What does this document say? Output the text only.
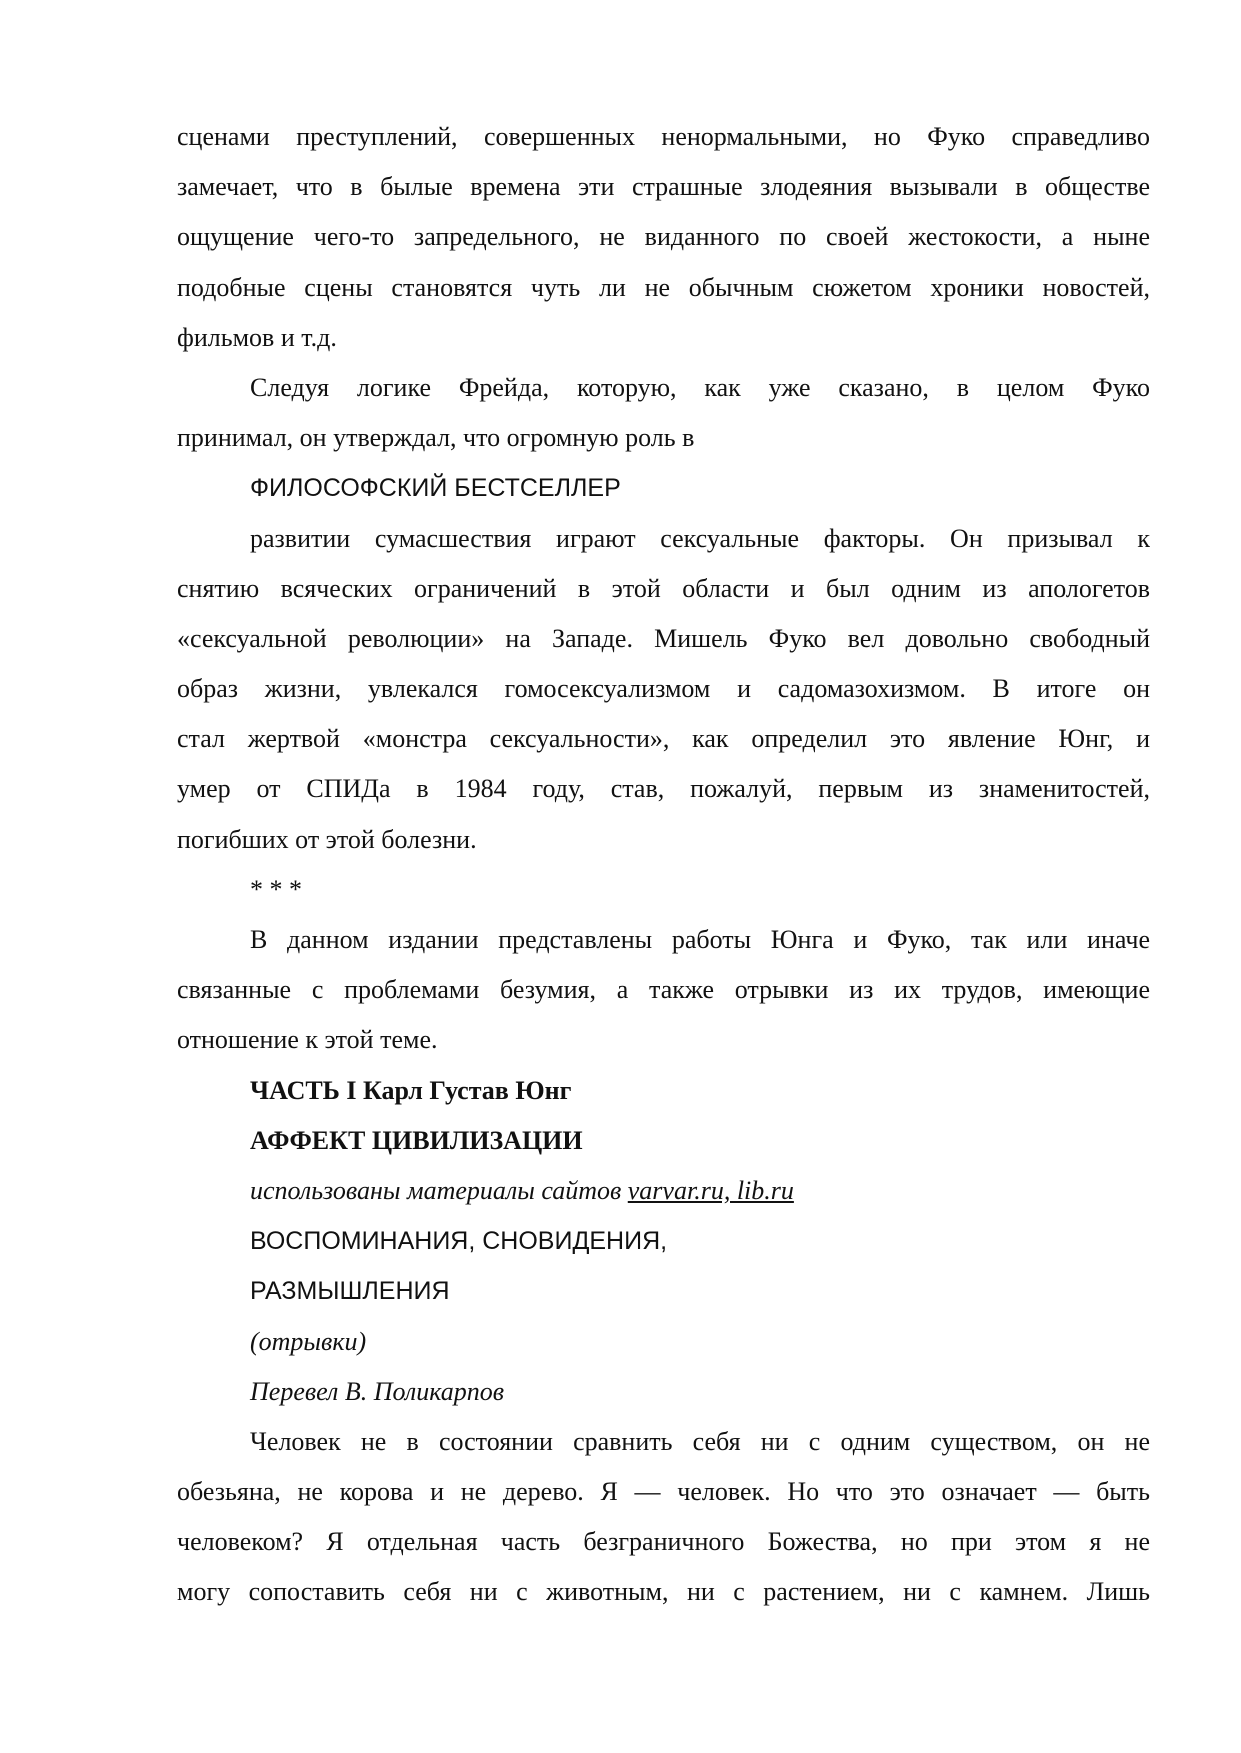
сценами преступлений, совершенных ненормальными, но Фуко справедливо
замечает, что в былые времена эти страшные злодеяния вызывали в обществе
ощущение чего-то запредельного, не виданного по своей жестокости, а ныне
подобные сцены становятся чуть ли не обычным сюжетом хроники новостей,
фильмов и т.д.
Следуя логике Фрейда, которую, как уже сказано, в целом Фуко
принимал, он утверждал, что огромную роль в
ФИЛОСОФСКИЙ БЕСТСЕЛЛЕР
развитии сумасшествия играют сексуальные факторы. Он призывал к
снятию всяческих ограничений в этой области и был одним из апологетов
«сексуальной революции» на Западе. Мишель Фуко вел довольно свободный
образ жизни, увлекался гомосексуализмом и садомазохизмом. В итоге он
стал жертвой «монстра сексуальности», как определил это явление Юнг, и
умер от СПИДа в 1984 году, став, пожалуй, первым из знаменитостей,
погибших от этой болезни.
* * *
В данном издании представлены работы Юнга и Фуко, так или иначе
связанные с проблемами безумия, а также отрывки из их трудов, имеющие
отношение к этой теме.
ЧАСТЬ I Карл Густав Юнг
АФФЕКТ ЦИВИЛИЗАЦИИ
использованы материалы сайтов varvar.ru, lib.ru
ВОСПОМИНАНИЯ, СНОВИДЕНИЯ,
РАЗМЫШЛЕНИЯ
(отрывки)
Перевел В. Поликарпов
Человек не в состоянии сравнить себя ни с одним существом, он не
обезьяна, не корова и не дерево. Я — человек. Но что это означает — быть
человеком? Я отдельная часть безграничного Божества, но при этом я не
могу сопоставить себя ни с животным, ни с растением, ни с камнем. Лишь
